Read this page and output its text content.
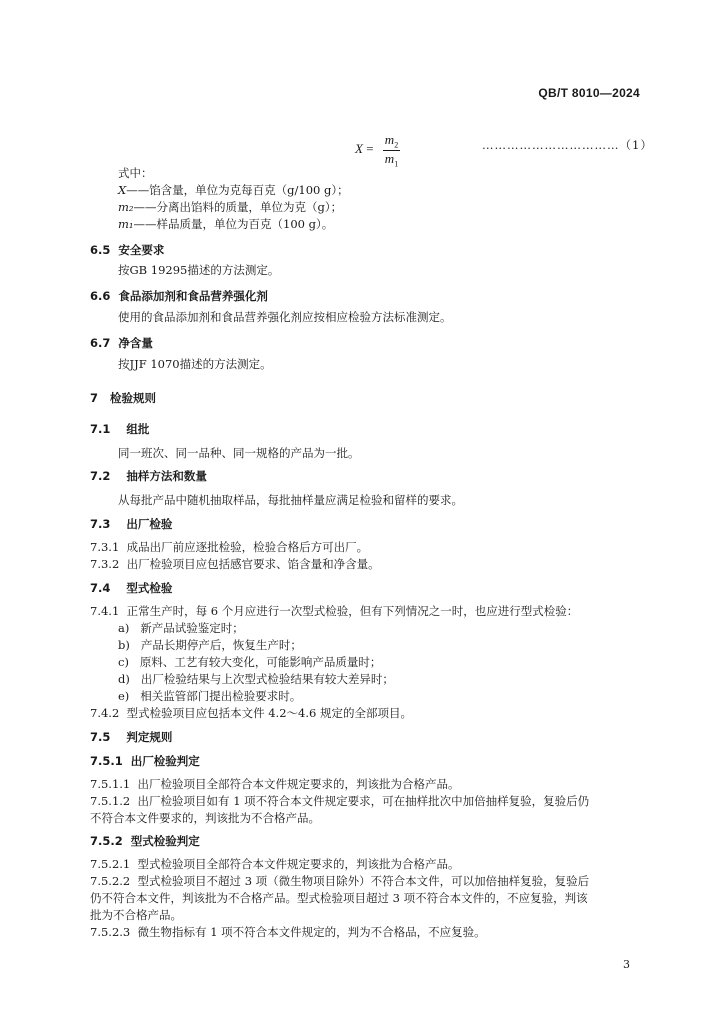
QB/T 8010—2024
$X = \frac{m_2}{m_1}$	……………………………（1）
式中：
X——馅含量，单位为克每百克（g/100 g）；
m₂——分离出馅料的质量，单位为克（g）；
m₁——样品质量，单位为百克（100 g）。
6.5 安全要求
按GB 19295描述的方法测定。
6.6 食品添加剂和食品营养强化剂
使用的食品添加剂和食品营养强化剂应按相应检验方法标准测定。
6.7 净含量
按JJF 1070描述的方法测定。
7 检验规则
7.1 组批
同一班次、同一品种、同一规格的产品为一批。
7.2 抽样方法和数量
从每批产品中随机抽取样品，每批抽样量应满足检验和留样的要求。
7.3 出厂检验
7.3.1 成品出厂前应逐批检验，检验合格后方可出厂。
7.3.2 出厂检验项目应包括感官要求、馅含量和净含量。
7.4 型式检验
7.4.1 正常生产时，每 6 个月应进行一次型式检验，但有下列情况之一时，也应进行型式检验：
a) 新产品试验鉴定时；
b) 产品长期停产后，恢复生产时；
c) 原料、工艺有较大变化，可能影响产品质量时；
d) 出厂检验结果与上次型式检验结果有较大差异时；
e) 相关监管部门提出检验要求时。
7.4.2 型式检验项目应包括本文件 4.2～4.6 规定的全部项目。
7.5 判定规则
7.5.1 出厂检验判定
7.5.1.1 出厂检验项目全部符合本文件规定要求的，判该批为合格产品。
7.5.1.2 出厂检验项目如有 1 项不符合本文件规定要求，可在抽样批次中加倍抽样复验，复验后仍
不符合本文件要求的，判该批为不合格产品。
7.5.2 型式检验判定
7.5.2.1 型式检验项目全部符合本文件规定要求的，判该批为合格产品。
7.5.2.2 型式检验项目不超过 3 项（微生物项目除外）不符合本文件，可以加倍抽样复验，复验后
仍不符合本文件，判该批为不合格产品。型式检验项目超过 3 项不符合本文件的，不应复验，判该
批为不合格产品。
7.5.2.3 微生物指标有 1 项不符合本文件规定的，判为不合格品，不应复验。
3
